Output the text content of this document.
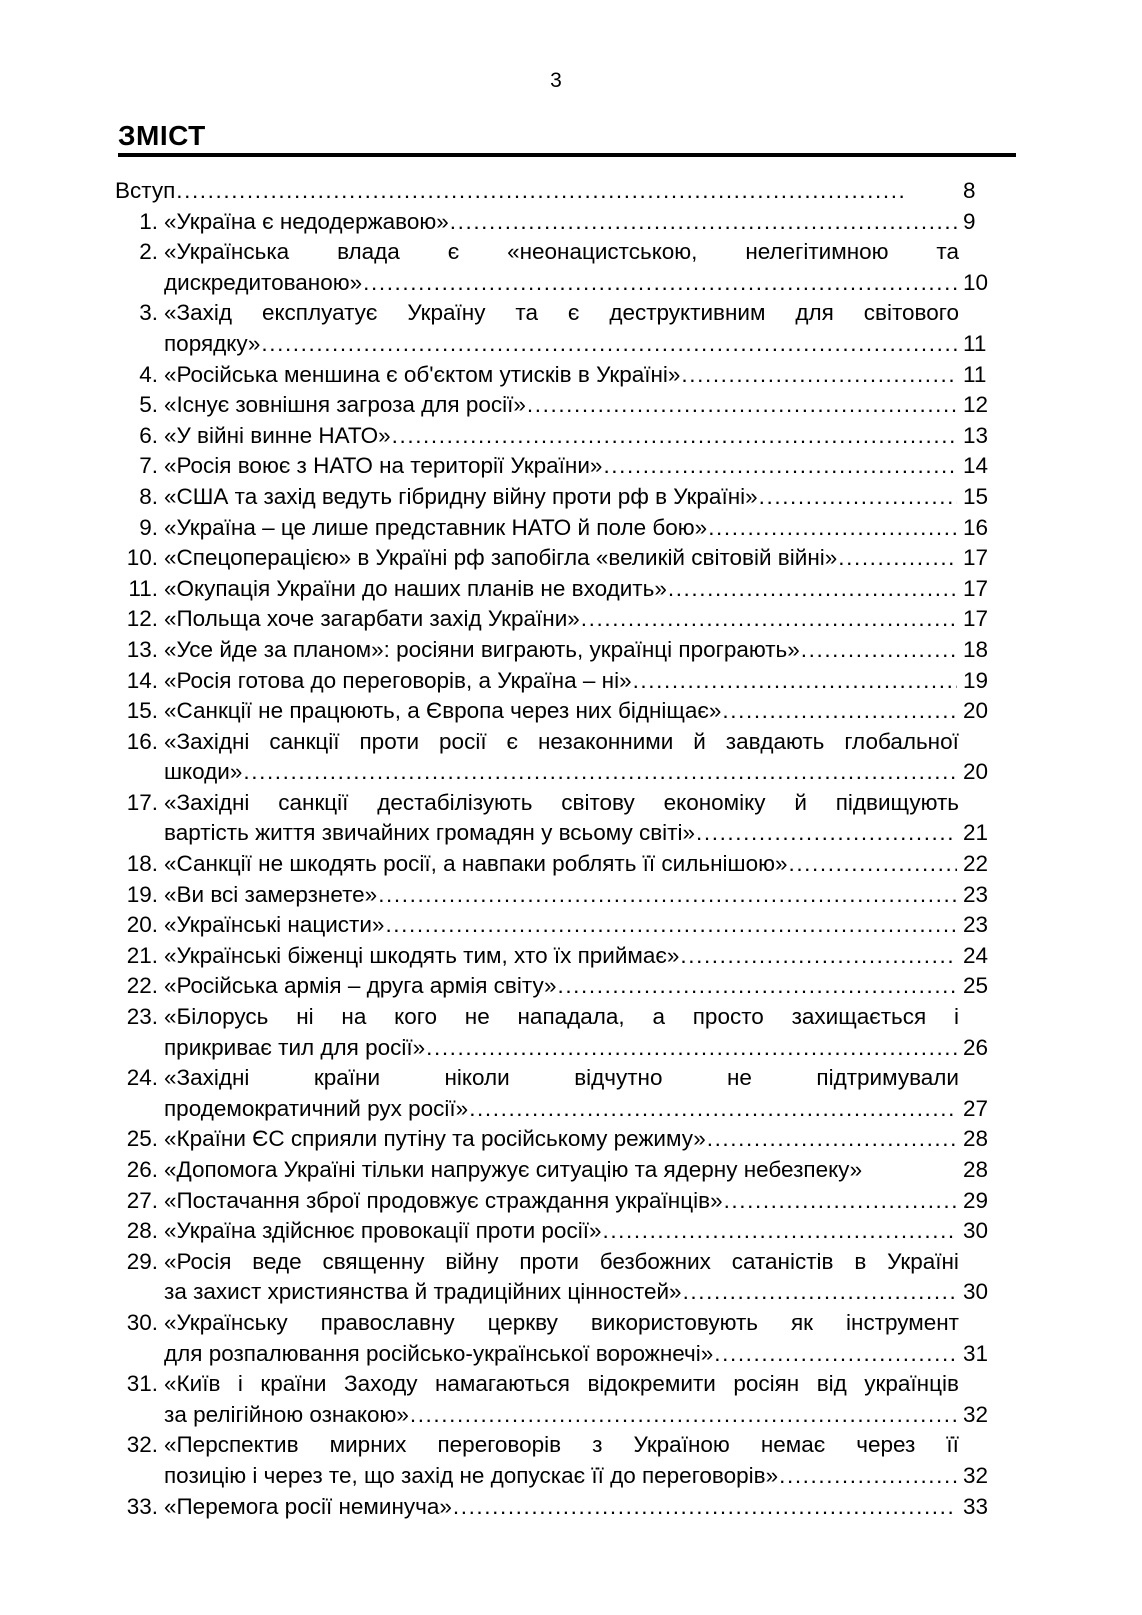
3
ЗМІСТ
Вступ .....	8
1. «Україна є недодержавою» .....	9
2. «Українська влада є «неонацистською, нелегітимною та
дискредитованою» .....	10
3. «Захід експлуатує Україну та є деструктивним для світового
порядку» .....	11
4. «Російська меншина є об'єктом утисків в Україні» .....	11
5. «Існує зовнішня загроза для росії» .....	12
6. «У війні винне НАТО» .....	13
7. «Росія воює з НАТО на території України» .....	14
8. «США та захід ведуть гібридну війну проти рф в Україні» .....	15
9. «Україна – це лише представник НАТО й поле бою» .....	16
10. «Спецоперацією» в Україні рф запобігла «великій світовій війні» .....	17
11. «Окупація України до наших планів не входить» .....	17
12. «Польща хоче загарбати захід України» .....	17
13. «Усе йде за планом»: росіяни виграють, українці програють» .....	18
14. «Росія готова до переговорів, а Україна – ні» .....	19
15. «Санкції не працюють, а Європа через них бідніщає» .....	20
16. «Західні санкції проти росії є незаконними й завдають глобальної
шкоди» .....	20
17. «Західні санкції дестабілізують світову економіку й підвищують
вартість життя звичайних громадян у всьому світі» .....	21
18. «Санкції не шкодять росії, а навпаки роблять її сильнішою» .....	22
19. «Ви всі замерзнете» .....	23
20. «Українські нацисти» .....	23
21. «Українські біженці шкодять тим, хто їх приймає» .....	24
22. «Російська армія – друга армія світу» .....	25
23. «Білорусь ні на кого не нападала, а просто захищається і
прикриває тил для росії» .....	26
24. «Західні	країни	ніколи	відчутно	не	підтримували
продемократичний рух росії» .....	27
25. «Країни ЄС сприяли путіну та російському режиму» .....	28
26. «Допомога Україні тільки напружує ситуацію та ядерну небезпеку»	28
27. «Постачання зброї продовжує страждання українців» .....	29
28. «Україна здійснює провокації проти росії» .....	30
29. «Росія веде священну війну проти безбожних сатаністів в Україні
за захист християнства й традиційних цінностей» .....	30
30. «Українську православну церкву використовують як інструмент
для розпалювання російсько-української ворожнечі» .....	31
31. «Київ і країни Заходу намагаються відокремити росіян від українців
за релігійною ознакою» .....	32
32. «Перспектив мирних переговорів з Україною немає через її
позицію і через те, що захід не допускає її до переговорів» .....	32
33. «Перемога росії неминуча» .....	33
